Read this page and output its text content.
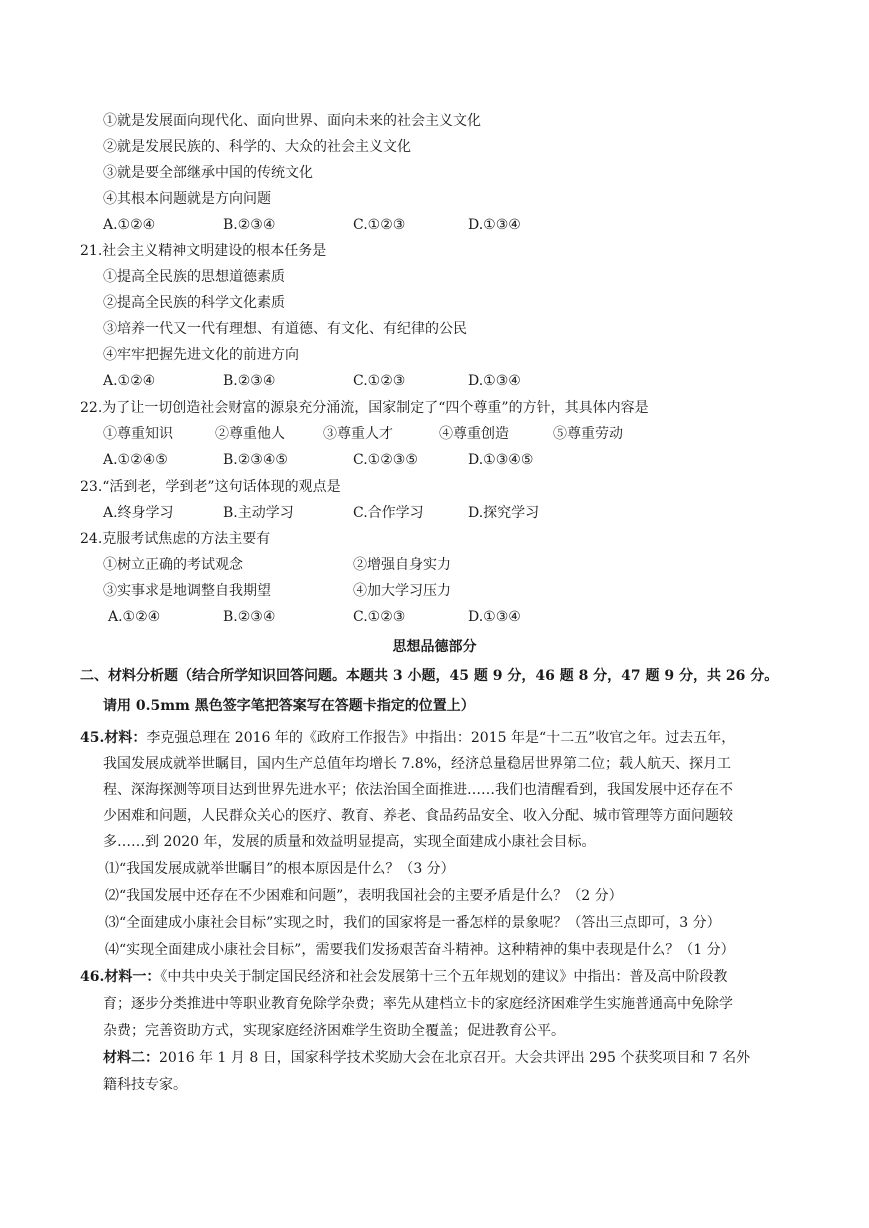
①就是发展面向现代化、面向世界、面向未来的社会主义文化
②就是发展民族的、科学的、大众的社会主义文化
③就是要全部继承中国的传统文化
④其根本问题就是方向问题
A.①②④	B.②③④	C.①②③	D.①③④
21.社会主义精神文明建设的根本任务是
①提高全民族的思想道德素质
②提高全民族的科学文化素质
③培养一代又一代有理想、有道德、有文化、有纪律的公民
④牢牢把握先进文化的前进方向
A.①②④	B.②③④	C.①②③	D.①③④
22.为了让一切创造社会财富的源泉充分涌流，国家制定了“四个尊重”的方针，其具体内容是
①尊重知识	②尊重他人	③尊重人才	④尊重创造	⑤尊重劳动
A.①②④⑤	B.②③④⑤	C.①②③⑤	D.①③④⑤
23.“活到老，学到老”这句话体现的观点是
A.终身学习	B.主动学习	C.合作学习	D.探究学习
24.克服考试焦虑的方法主要有
①树立正确的考试观念	②增强自身实力
③实事求是地调整自我期望	④加大学习压力
A.①②④	B.②③④	C.①②③	D.①③④
思想品德部分
二、材料分析题（结合所学知识回答问题。本题共 3 小题，45 题 9 分，46 题 8 分，47 题 9 分，共 26 分。
请用 0.5mm 黑色签字笔把答案写在答题卡指定的位置上）
45.材料：李克强总理在 2016 年的《政府工作报告》中指出：2015 年是“十二五”收官之年。过去五年，
我国发展成就举世瞩目，国内生产总值年均增长 7.8%，经济总量稳居世界第二位；载人航天、探月工
程、深海探测等项目达到世界先进水平；依法治国全面推进……我们也清醒看到，我国发展中还存在不
少困难和问题，人民群众关心的医疗、教育、养老、食品药品安全、收入分配、城市管理等方面问题较
多……到 2020 年，发展的质量和效益明显提高，实现全面建成小康社会目标。
⑴“我国发展成就举世瞩目”的根本原因是什么？（3 分）
⑵“我国发展中还存在不少困难和问题”，表明我国社会的主要矛盾是什么？（2 分）
⑶“全面建成小康社会目标”实现之时，我们的国家将是一番怎样的景象呢？（答出三点即可，3 分）
⑷“实现全面建成小康社会目标”，需要我们发扬艰苦奋斗精神。这种精神的集中表现是什么？（1 分）
46.材料一：《中共中央关于制定国民经济和社会发展第十三个五年规划的建议》中指出：普及高中阶段教
育；逐步分类推进中等职业教育免除学杂费；率先从建档立卡的家庭经济困难学生实施普通高中免除学
杂费；完善资助方式，实现家庭经济困难学生资助全覆盖；促进教育公平。
材料二：2016 年 1 月 8 日，国家科学技术奖励大会在北京召开。大会共评出 295 个获奖项目和 7 名外
籍科技专家。
